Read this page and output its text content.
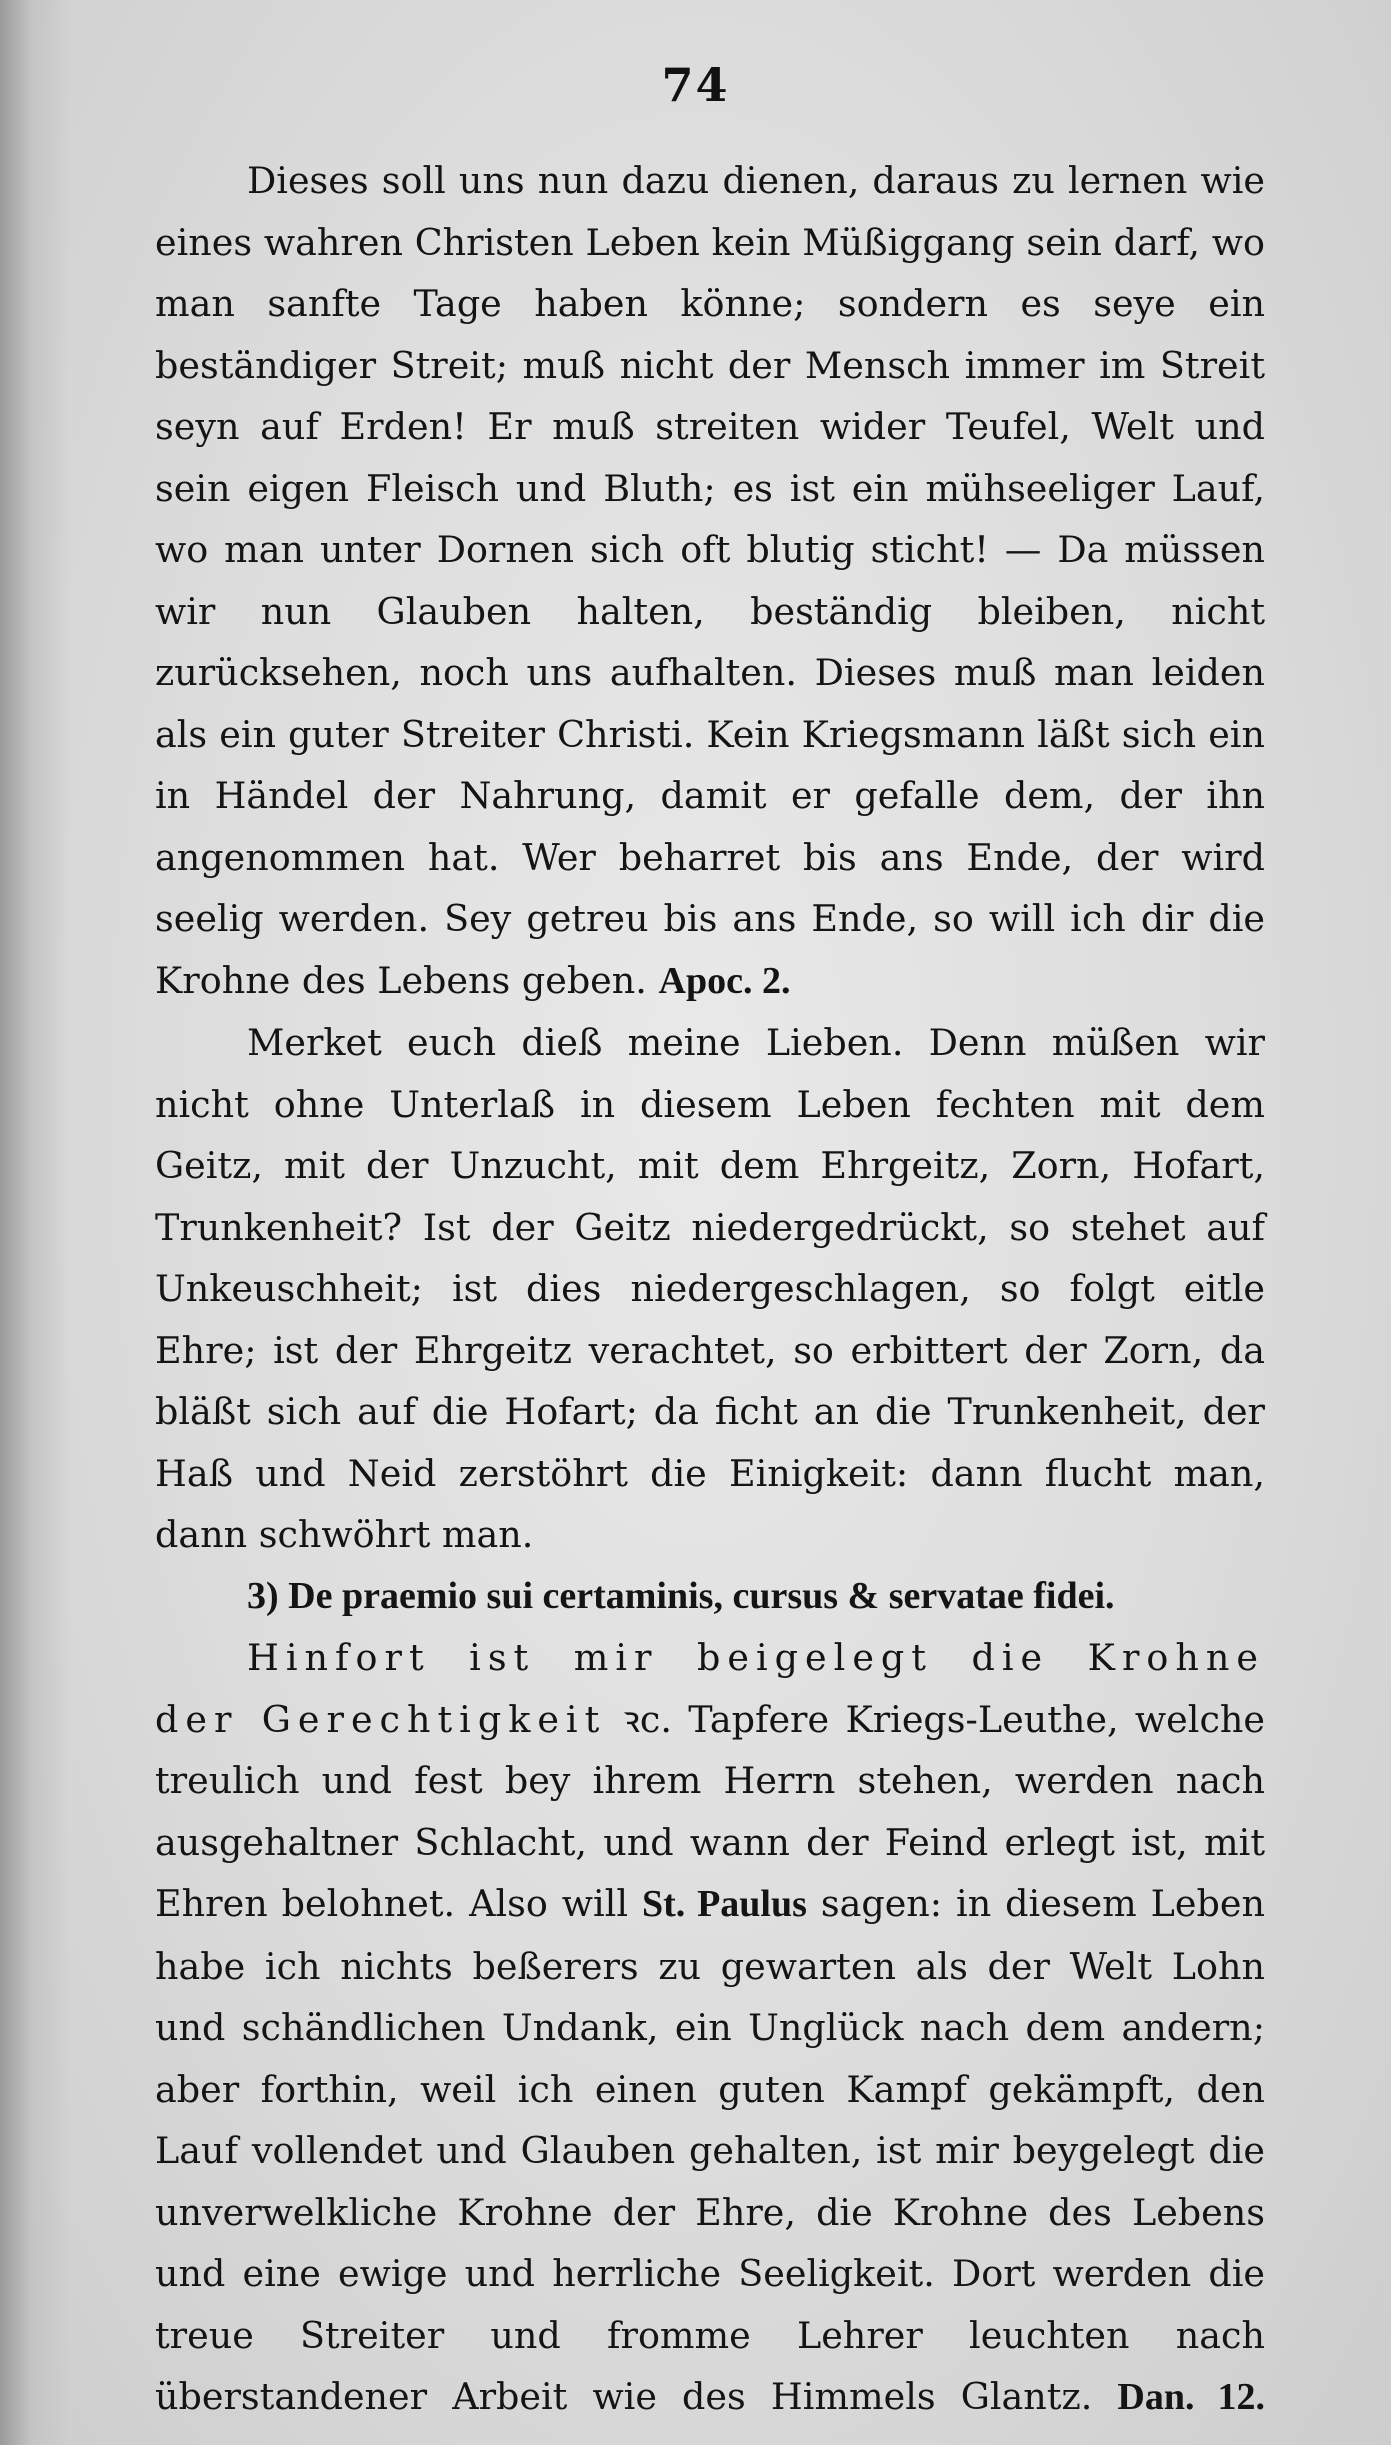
74

Dieses soll uns nun dazu dienen, daraus zu lernen wie eines wahren Christen Leben kein Müßiggang sein darf, wo man sanfte Tage haben könne; sondern es seye ein beständiger Streit; muß nicht der Mensch immer im Streit seyn auf Erden! Er muß streiten wider Teufel, Welt und sein eigen Fleisch und Bluth; es ist ein mühseeliger Lauf, wo man unter Dornen sich oft blutig sticht! — Da müssen wir nun Glauben halten, beständig bleiben, nicht zurücksehen, noch uns aufhalten. Dieses muß man leiden als ein guter Streiter Christi. Kein Kriegsmann läßt sich ein in Händel der Nahrung, damit er gefalle dem, der ihn angenommen hat. Wer beharret bis ans Ende, der wird seelig werden. Sey getreu bis ans Ende, so will ich dir die Krohne des Lebens geben. Apoc. 2.

Merket euch dieß meine Lieben. Denn müßen wir nicht ohne Unterlaß in diesem Leben fechten mit dem Geitz, mit der Unzucht, mit dem Ehrgeitz, Zorn, Hofart, Trunkenheit? Ist der Geitz niedergedrückt, so stehet auf Unkeuschheit; ist dies niedergeschlagen, so folgt eitle Ehre; ist der Ehrgeitz verachtet, so erbittert der Zorn, da bläßt sich auf die Hofart; da ficht an die Trunkenheit, der Haß und Neid zerstöhrt die Einigkeit: dann flucht man, dann schwöhrt man.

3) De praemio sui certaminis, cursus & servatae fidei.

Hinfort ist mir beigelegt die Krohne der Gerechtigkeit ꝛc. Tapfere Kriegs-Leuthe, welche treulich und fest bey ihrem Herrn stehen, werden nach ausgehaltner Schlacht, und wann der Feind erlegt ist, mit Ehren belohnet. Also will St. Paulus sagen: in diesem Leben habe ich nichts beßerers zu gewarten als der Welt Lohn und schändlichen Undank, ein Unglück nach dem andern; aber forthin, weil ich einen guten Kampf gekämpft, den Lauf vollendet und Glauben gehalten, ist mir beygelegt die unverwelkliche Krohne der Ehre, die Krohne des Lebens und eine ewige und herrliche Seeligkeit. Dort werden die treue Streiter und fromme Lehrer leuchten nach überstandener Arbeit wie des Himmels Glantz. Dan. 12.
